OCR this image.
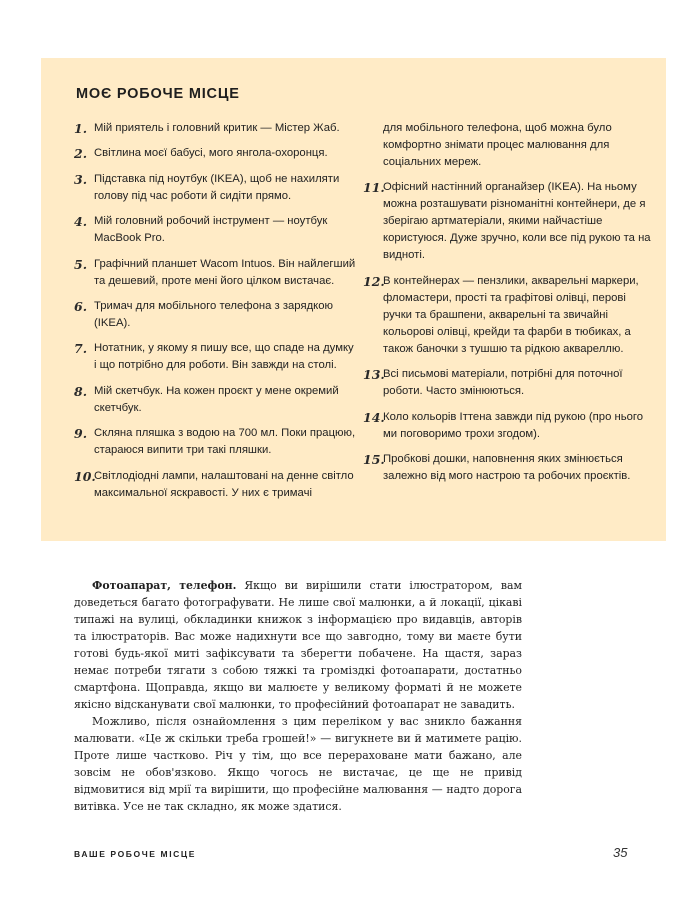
МОЄ РОБОЧЕ МІСЦЕ
1. Мій приятель і головний критик — Містер Жаб.
2. Світлина моєї бабусі, мого янгола-охоронця.
3. Підставка під ноутбук (IKEA), щоб не нахиляти голову під час роботи й сидіти прямо.
4. Мій головний робочий інструмент — ноутбук MacBook Pro.
5. Графічний планшет Wacom Intuos. Він найлегший та дешевий, проте мені його цілком вистачає.
6. Тримач для мобільного телефона з зарядкою (IKEA).
7. Нотатник, у якому я пишу все, що спаде на думку і що потрібно для роботи. Він завжди на столі.
8. Мій скетчбук. На кожен проєкт у мене окремий скетчбук.
9. Скляна пляшка з водою на 700 мл. Поки працюю, стараюся випити три такі пляшки.
10.
Світлодіодні лампи, налаштовані на денне світло максимальної яскравості. У них є тримачі
для мобільного телефона, щоб можна було комфортно знімати процес малювання для соціальних мереж.
11.
Офісний настінний органайзер (IKEA). На ньому можна розташувати різноманітні контейнери, де я зберігаю артматеріали, якими найчастіше користуюся. Дуже зручно, коли все під рукою та на видноті.
12.
В контейнерах — пензлики, акварельні маркери, фломастери, прості та графітові олівці, перові ручки та брашпени, акварельні та звичайні кольорові олівці, крейди та фарби в тюбиках, а також баночки з тушшю та рідкою аквареллю.
13.
Всі письмові матеріали, потрібні для поточної роботи. Часто змінюються.
14.
Коло кольорів Іттена завжди під рукою (про нього ми поговоримо трохи згодом).
15.
Пробкові дошки, наповнення яких змінюється залежно від мого настрою та робочих проєктів.

Фотоапарат, телефон. Якщо ви вирішили стати ілюстратором, вам доведеться багато фотографувати. Не лише свої малюнки, а й локації, цікаві типажі на вулиці, обкладинки книжок з інформацією про видавців, авторів та ілюстраторів. Вас може надихнути все що завгодно, тому ви маєте бути готові будь-якої миті зафіксувати та зберегти побачене. На щастя, зараз немає потреби тягати з собою тяжкі та громіздкі фотоапарати, достатньо смартфона. Щоправда, якщо ви малюєте у великому форматі й не можете якісно відсканувати свої малюнки, то професійний фотоапарат не завадить.

Можливо, після ознайомлення з цим переліком у вас зникло бажання малювати. «Це ж скільки треба грошей!» — вигукнете ви й матимете рацію. Проте лише частково. Річ у тім, що все перераховане мати бажано, але зовсім не обов'язково. Якщо чогось не вистачає, це ще не привід відмовитися від мрії та вирішити, що професійне малювання — надто дорога витівка. Усе не так складно, як може здатися.

ВАШЕ РОБОЧЕ МІСЦЕ	35
